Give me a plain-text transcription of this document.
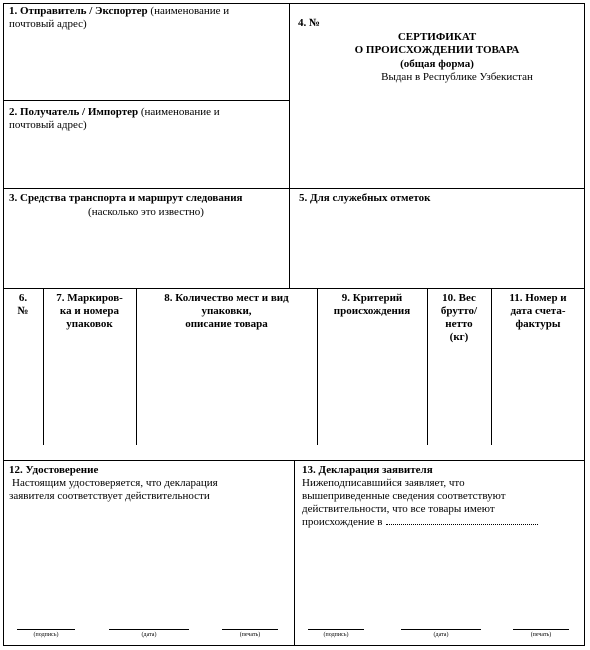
1. Отправитель / Экспортер (наименование и
почтовый адрес)
2. Получатель / Импортер (наименование и
почтовый адрес)
4. №
СЕРТИФИКАТ
О ПРОИСХОЖДЕНИИ ТОВАРА
(общая форма)
Выдан в Республике Узбекистан
3. Средства транспорта и маршрут следования
(насколько это известно)
5. Для служебных отметок
6.
№
7. Маркиров-
ка и номера
упаковок
8. Количество мест и вид
упаковки,
описание товара
9. Критерий
происхождения
10. Вес
брутто/
нетто
(кг)
11. Номер и
дата счета-
фактуры
12. Удостоверение
Настоящим удостоверяется, что декларация
заявителя соответствует действительности
(подпись)	(дата)	(печать)
13. Декларация заявителя
Нижеподписавшийся заявляет, что
вышеприведенные сведения соответствуют
действительности, что все товары имеют
происхождение в
(подпись)	(дата)	(печать)
